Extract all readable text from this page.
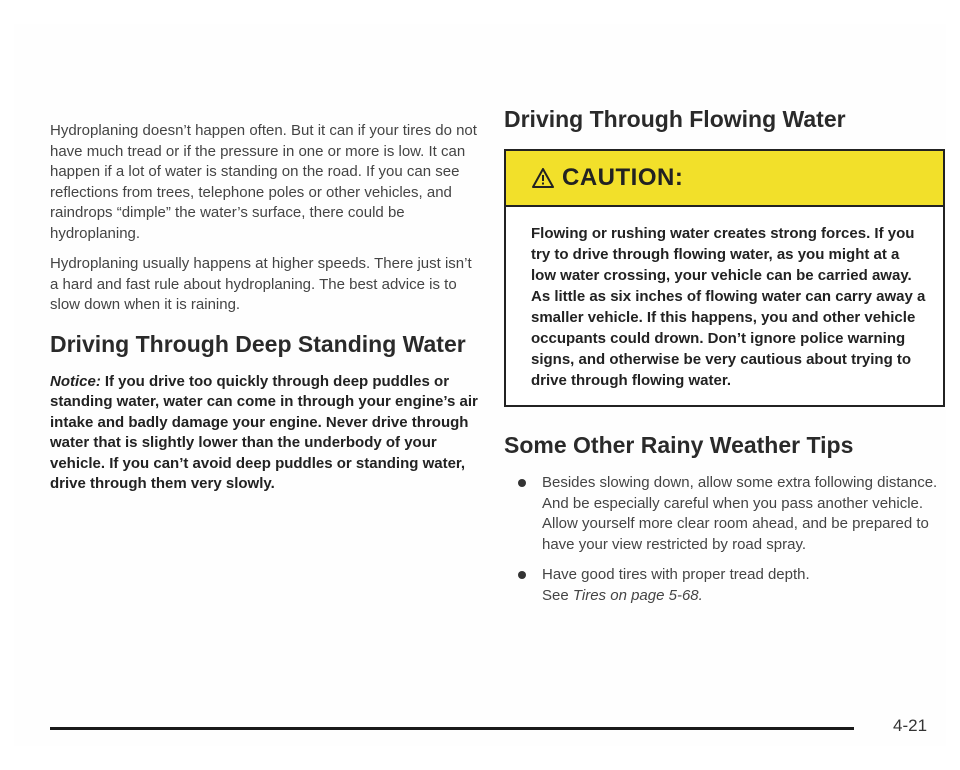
Hydroplaning doesn’t happen often. But it can if your tires do not have much tread or if the pressure in one or more is low. It can happen if a lot of water is standing on the road. If you can see reflections from trees, telephone poles or other vehicles, and raindrops “dimple” the water’s surface, there could be hydroplaning.

Hydroplaning usually happens at higher speeds. There just isn’t a hard and fast rule about hydroplaning. The best advice is to slow down when it is raining.

Driving Through Deep Standing Water
Notice: If you drive too quickly through deep puddles or standing water, water can come in through your engine’s air intake and badly damage your engine. Never drive through water that is slightly lower than the underbody of your vehicle. If you can’t avoid deep puddles or standing water, drive through them very slowly.
Driving Through Flowing Water
CAUTION:
Flowing or rushing water creates strong forces. If you try to drive through flowing water, as you might at a low water crossing, your vehicle can be carried away. As little as six inches of flowing water can carry away a smaller vehicle. If this happens, you and other vehicle occupants could drown. Don’t ignore police warning signs, and otherwise be very cautious about trying to drive through flowing water.
Some Other Rainy Weather Tips
Besides slowing down, allow some extra following distance. And be especially careful when you pass another vehicle. Allow yourself more clear room ahead, and be prepared to have your view restricted by road spray.
Have good tires with proper tread depth.
See Tires on page 5-68.
4-21
